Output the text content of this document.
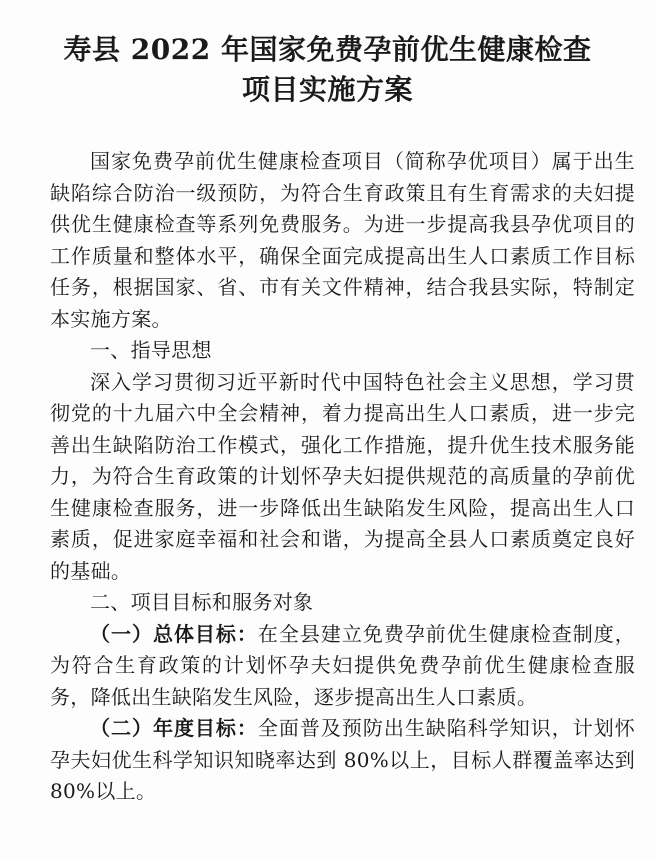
寿县 2022 年国家免费孕前优生健康检查
项目实施方案

国家免费孕前优生健康检查项目（简称孕优项目）属于出生缺陷综合防治一级预防，为符合生育政策且有生育需求的夫妇提供优生健康检查等系列免费服务。为进一步提高我县孕优项目的工作质量和整体水平，确保全面完成提高出生人口素质工作目标任务，根据国家、省、市有关文件精神，结合我县实际，特制定本实施方案。

一、指导思想

深入学习贯彻习近平新时代中国特色社会主义思想，学习贯彻党的十九届六中全会精神，着力提高出生人口素质，进一步完善出生缺陷防治工作模式，强化工作措施，提升优生技术服务能力，为符合生育政策的计划怀孕夫妇提供规范的高质量的孕前优生健康检查服务，进一步降低出生缺陷发生风险，提高出生人口素质，促进家庭幸福和社会和谐，为提高全县人口素质奠定良好的基础。

二、项目目标和服务对象

（一）总体目标：在全县建立免费孕前优生健康检查制度，为符合生育政策的计划怀孕夫妇提供免费孕前优生健康检查服务，降低出生缺陷发生风险，逐步提高出生人口素质。

（二）年度目标：全面普及预防出生缺陷科学知识，计划怀孕夫妇优生科学知识知晓率达到 80%以上，目标人群覆盖率达到 80%以上。
